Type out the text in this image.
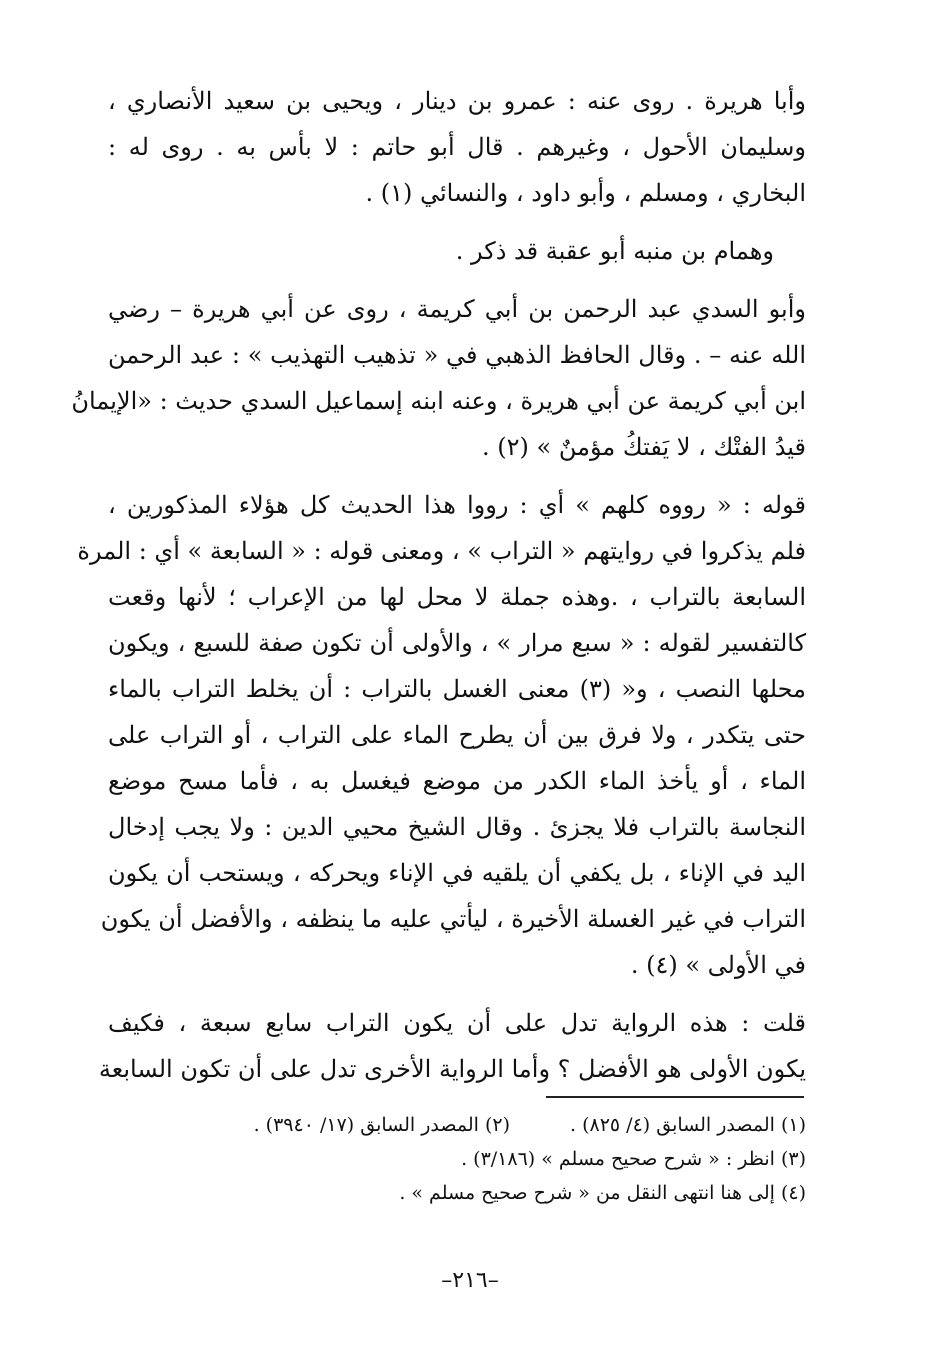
وأبا هريرة . روى عنه : عمرو بن دينار ، ويحيى بن سعيد الأنصاري ،
وسليمان الأحول ، وغيرهم . قال أبو حاتم : لا بأس به . روى له :
البخاري ، ومسلم ، وأبو داود ، والنسائي (١) .

وهمام بن منبه أبو عقبة قد ذكر .

وأبو السدي عبد الرحمن بن أبي كريمة ، روى عن أبي هريرة – رضي
الله عنه – . وقال الحافظ الذهبي في « تذهيب التهذيب » : عبد الرحمن
ابن أبي كريمة عن أبي هريرة ، وعنه ابنه إسماعيل السدي حديث : «الإيمانُ
قيدُ الفتْك ، لا يَفتكُ مؤمنٌ » (٢) .

قوله : « رووه كلهم » أي : رووا هذا الحديث كل هؤلاء المذكورين ،
فلم يذكروا في روايتهم « التراب » ، ومعنى قوله : « السابعة » أي : المرة
السابعة بالتراب ، .وهذه جملة لا محل لها من الإعراب ؛ لأنها وقعت
كالتفسير لقوله : « سبع مرار » ، والأولى أن تكون صفة للسبع ، ويكون
محلها النصب ، و« (٣) معنى الغسل بالتراب : أن يخلط التراب بالماء
حتى يتكدر ، ولا فرق بين أن يطرح الماء على التراب ، أو التراب على
الماء ، أو يأخذ الماء الكدر من موضع فيغسل به ، فأما مسح موضع
النجاسة بالتراب فلا يجزئ . وقال الشيخ محيي الدين : ولا يجب إدخال
اليد في الإناء ، بل يكفي أن يلقيه في الإناء ويحركه ، ويستحب أن يكون
التراب في غير الغسلة الأخيرة ، ليأتي عليه ما ينظفه ، والأفضل أن يكون
في الأولى » (٤) .

قلت : هذه الرواية تدل على أن يكون التراب سابع سبعة ، فكيف
يكون الأولى هو الأفضل ؟ وأما الرواية الأخرى تدل على أن تكون السابعة

(١) المصدر السابق (٤/ ٨٢٥) .
(٢) المصدر السابق (١٧/ ٣٩٤٠) .
(٣) انظر : « شرح صحيح مسلم » (٣/١٨٦) .
(٤) إلى هنا انتهى النقل من « شرح صحيح مسلم » .
–٢١٦–
